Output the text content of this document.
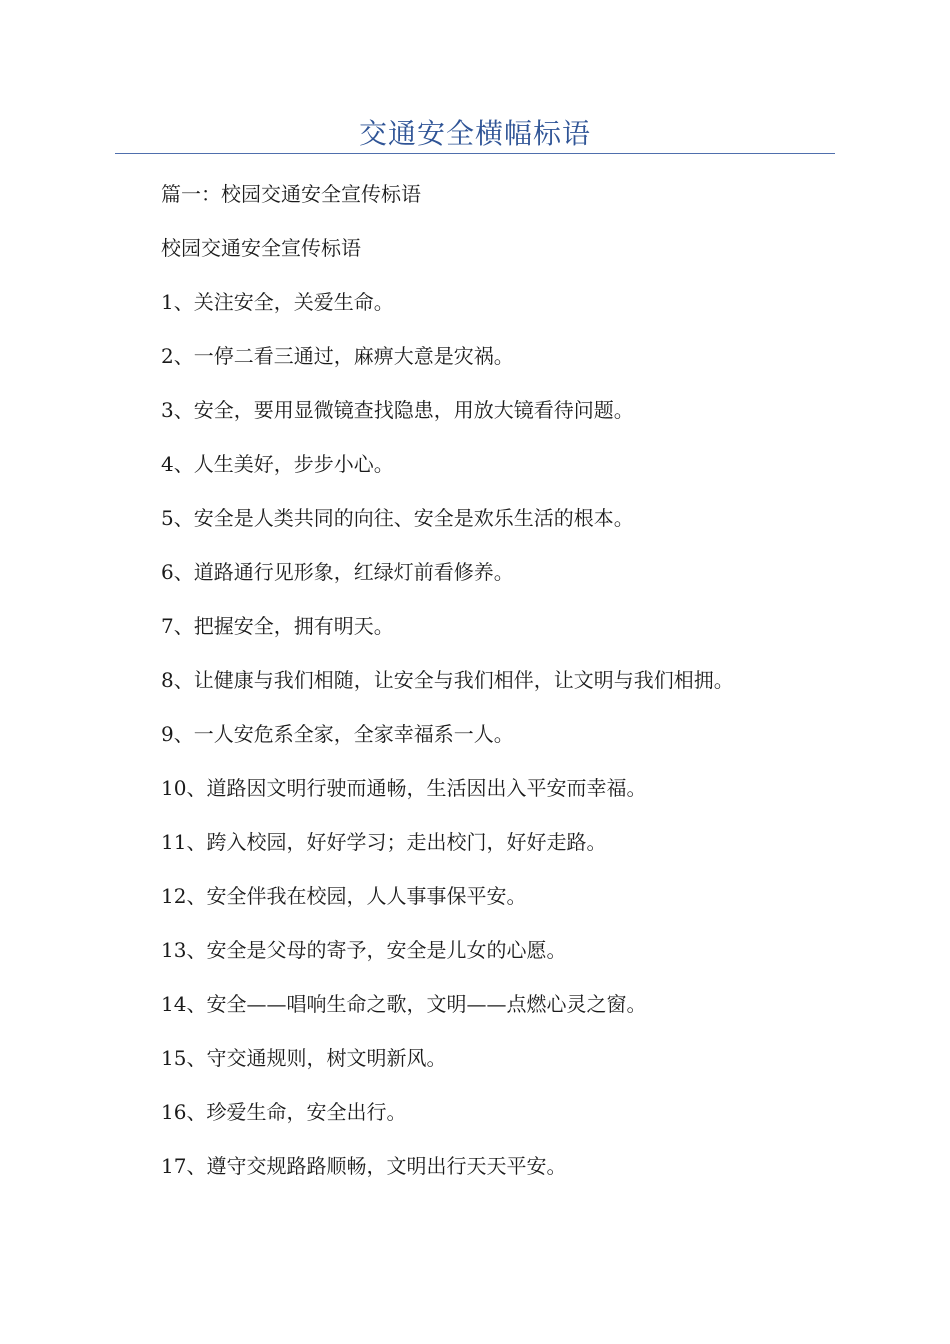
交通安全横幅标语
篇一：校园交通安全宣传标语
校园交通安全宣传标语
1、关注安全，关爱生命。
2、一停二看三通过，麻痹大意是灾祸。
3、安全，要用显微镜查找隐患，用放大镜看待问题。
4、人生美好，步步小心。
5、安全是人类共同的向往、安全是欢乐生活的根本。
6、道路通行见形象，红绿灯前看修养。
7、把握安全，拥有明天。
8、让健康与我们相随，让安全与我们相伴，让文明与我们相拥。
9、一人安危系全家，全家幸福系一人。
10、道路因文明行驶而通畅，生活因出入平安而幸福。
11、跨入校园，好好学习；走出校门，好好走路。
12、安全伴我在校园，人人事事保平安。
13、安全是父母的寄予，安全是儿女的心愿。
14、安全——唱响生命之歌，文明——点燃心灵之窗。
15、守交通规则，树文明新风。
16、珍爱生命，安全出行。
17、遵守交规路路顺畅，文明出行天天平安。
